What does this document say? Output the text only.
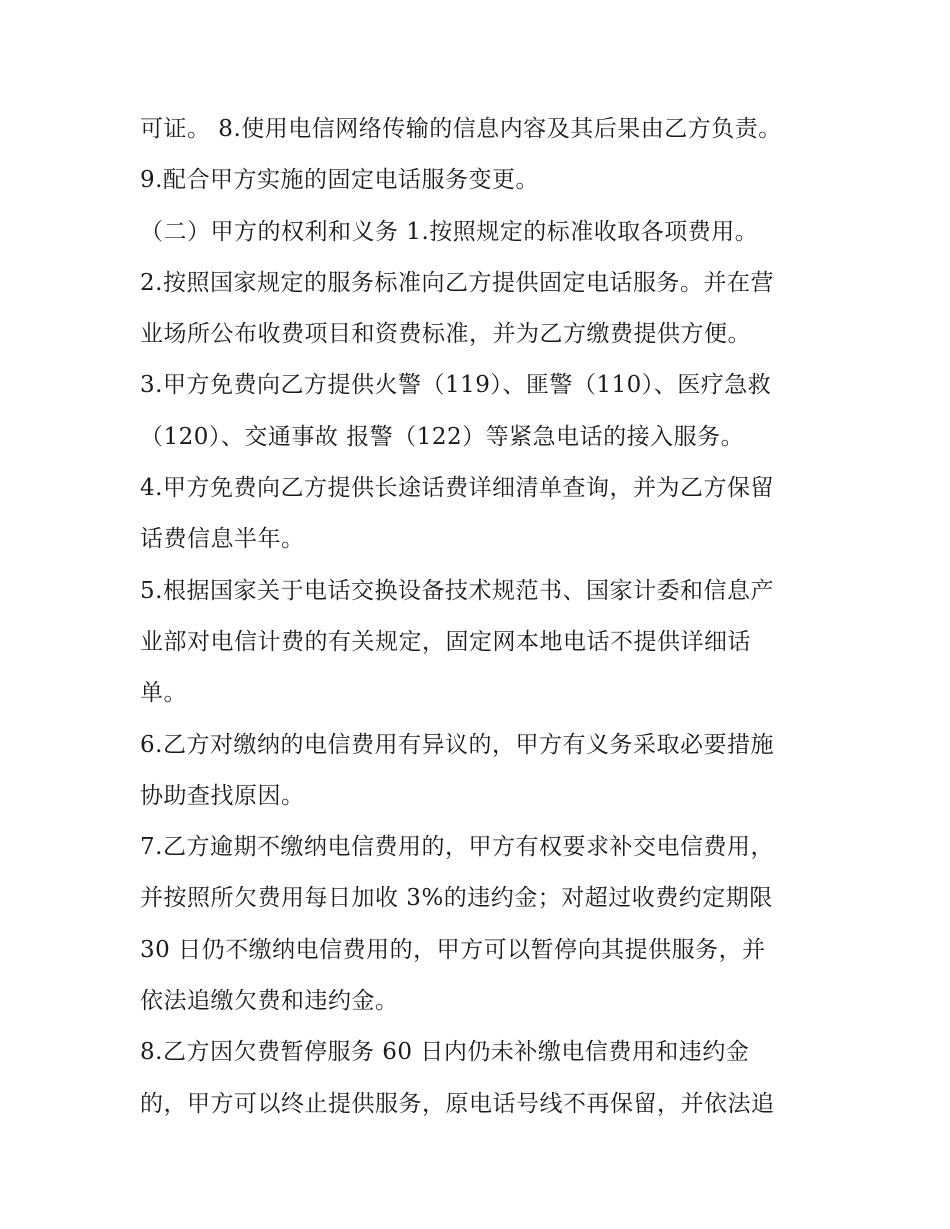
可证。 8.使用电信网络传输的信息内容及其后果由乙方负责。
9.配合甲方实施的固定电话服务变更。
（二）甲方的权利和义务 1.按照规定的标准收取各项费用。
2.按照国家规定的服务标准向乙方提供固定电话服务。并在营
业场所公布收费项目和资费标准，并为乙方缴费提供方便。
3.甲方免费向乙方提供火警（119）、匪警（110）、医疗急救
（120）、交通事故 报警（122）等紧急电话的接入服务。
4.甲方免费向乙方提供长途话费详细清单查询，并为乙方保留
话费信息半年。
5.根据国家关于电话交换设备技术规范书、国家计委和信息产
业部对电信计费的有关规定，固定网本地电话不提供详细话
单。
6.乙方对缴纳的电信费用有异议的，甲方有义务采取必要措施
协助查找原因。
7.乙方逾期不缴纳电信费用的，甲方有权要求补交电信费用，
并按照所欠费用每日加收 3%的违约金；对超过收费约定期限
30 日仍不缴纳电信费用的，甲方可以暂停向其提供服务，并
依法追缴欠费和违约金。
8.乙方因欠费暂停服务 60 日内仍未补缴电信费用和违约金
的，甲方可以终止提供服务，原电话号线不再保留，并依法追
